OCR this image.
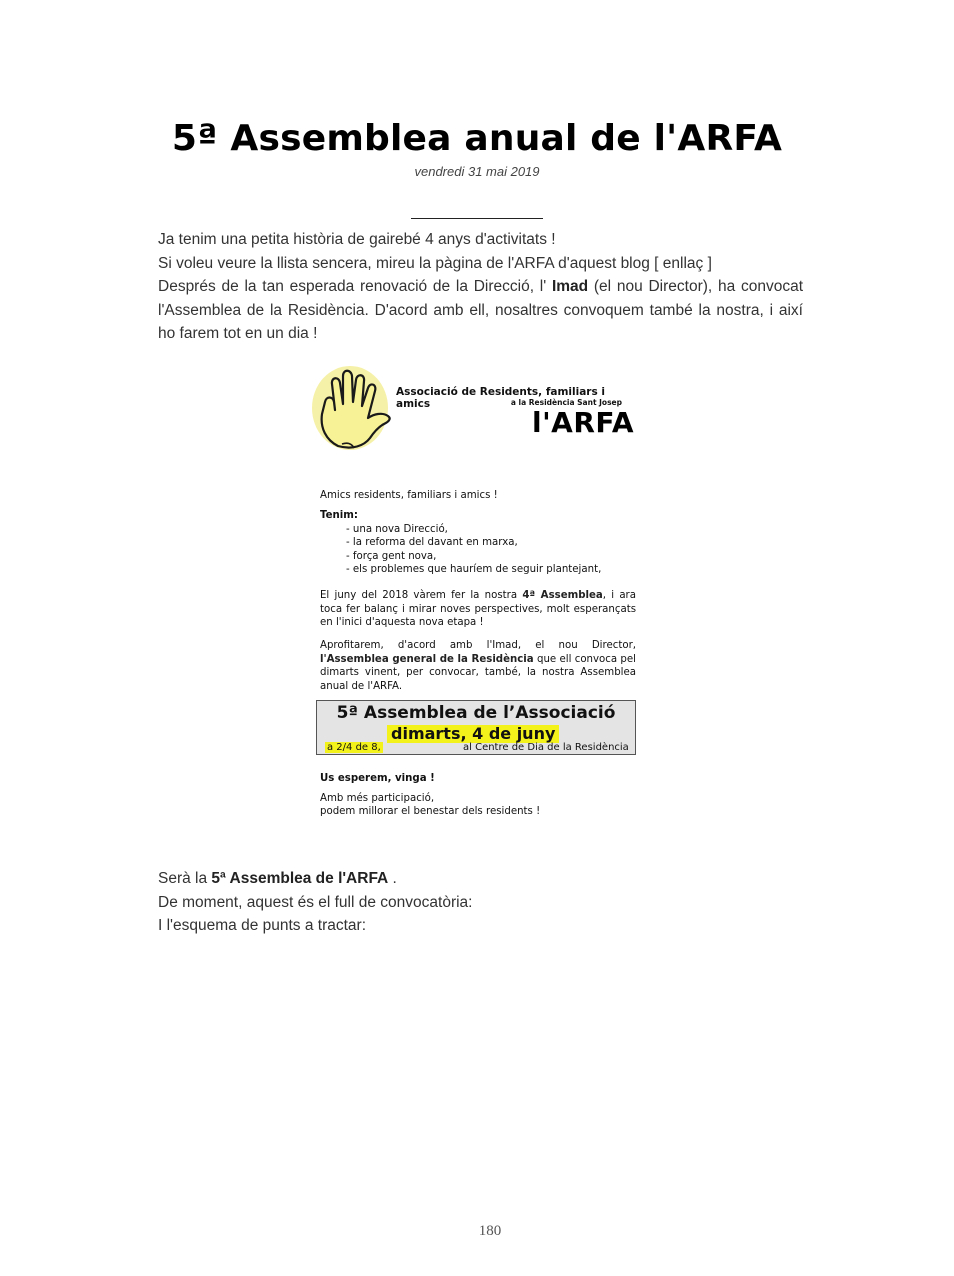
5ª Assemblea anual de l'ARFA
vendredi 31 mai 2019

Ja tenim una petita història de gairebé 4 anys d'activitats !

Si voleu veure la llista sencera, mireu la pàgina de l'ARFA d'aquest blog [ enllaç ]

Després de la tan esperada renovació de la Direcció, l' Imad (el nou Director), ha convocat l'Assemblea de la Residència. D'acord amb ell, nosaltres convoquem també la nostra, i així ho farem tot en un dia !

Associació de Residents, familiars i amics	a la Residència Sant Josep
l'ARFA

Amics residents, familiars i amics !

Tenim:

- una nova Direcció,
- la reforma del davant en marxa,
- força gent nova,
- els problemes que hauríem de seguir plantejant,

El juny del 2018 vàrem fer la nostra 4ª Assemblea, i ara toca fer balanç i mirar noves perspectives, molt esperançats en l'inici d'aquesta nova etapa !

Aprofitarem, d'acord amb l'Imad, el nou Director, l'Assemblea general de la Residència que ell convoca pel dimarts vinent, per convocar, també, la nostra Assemblea anual de l'ARFA.

5ª Assemblea de l’Associació
dimarts, 4 de juny
a 2/4 de 8,	al Centre de Dia de la Residència

Us esperem, vinga !

Amb més participació,

podem millorar el benestar dels residents !

Serà la 5ª Assemblea de l'ARFA .

De moment, aquest és el full de convocatòria:

I l'esquema de punts a tractar:

180
